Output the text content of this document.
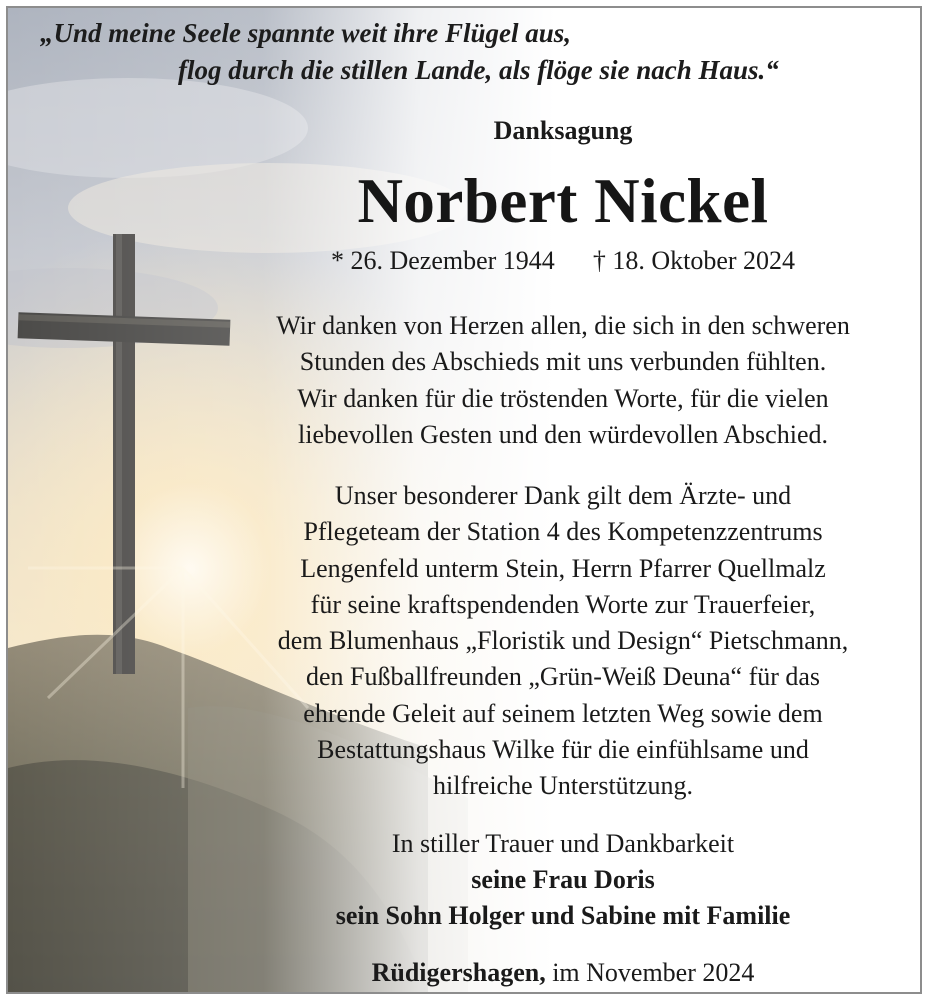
„Und meine Seele spannte weit ihre Flügel aus,
flog durch die stillen Lande, als flöge sie nach Haus.“
Danksagung
Norbert Nickel
* 26. Dezember 1944 † 18. Oktober 2024
Wir danken von Herzen allen, die sich in den schweren
Stunden des Abschieds mit uns verbunden fühlten.
Wir danken für die tröstenden Worte, für die vielen
liebevollen Gesten und den würdevollen Abschied.
Unser besonderer Dank gilt dem Ärzte- und
Pflegeteam der Station 4 des Kompetenzzentrums
Lengenfeld unterm Stein, Herrn Pfarrer Quellmalz
für seine kraftspendenden Worte zur Trauerfeier,
dem Blumenhaus „Floristik und Design“ Pietschmann,
den Fußballfreunden „Grün-Weiß Deuna“ für das
ehrende Geleit auf seinem letzten Weg sowie dem
Bestattungshaus Wilke für die einfühlsame und
hilfreiche Unterstützung.
In stiller Trauer und Dankbarkeit
seine Frau Doris
sein Sohn Holger und Sabine mit Familie
Rüdigershagen, im November 2024
